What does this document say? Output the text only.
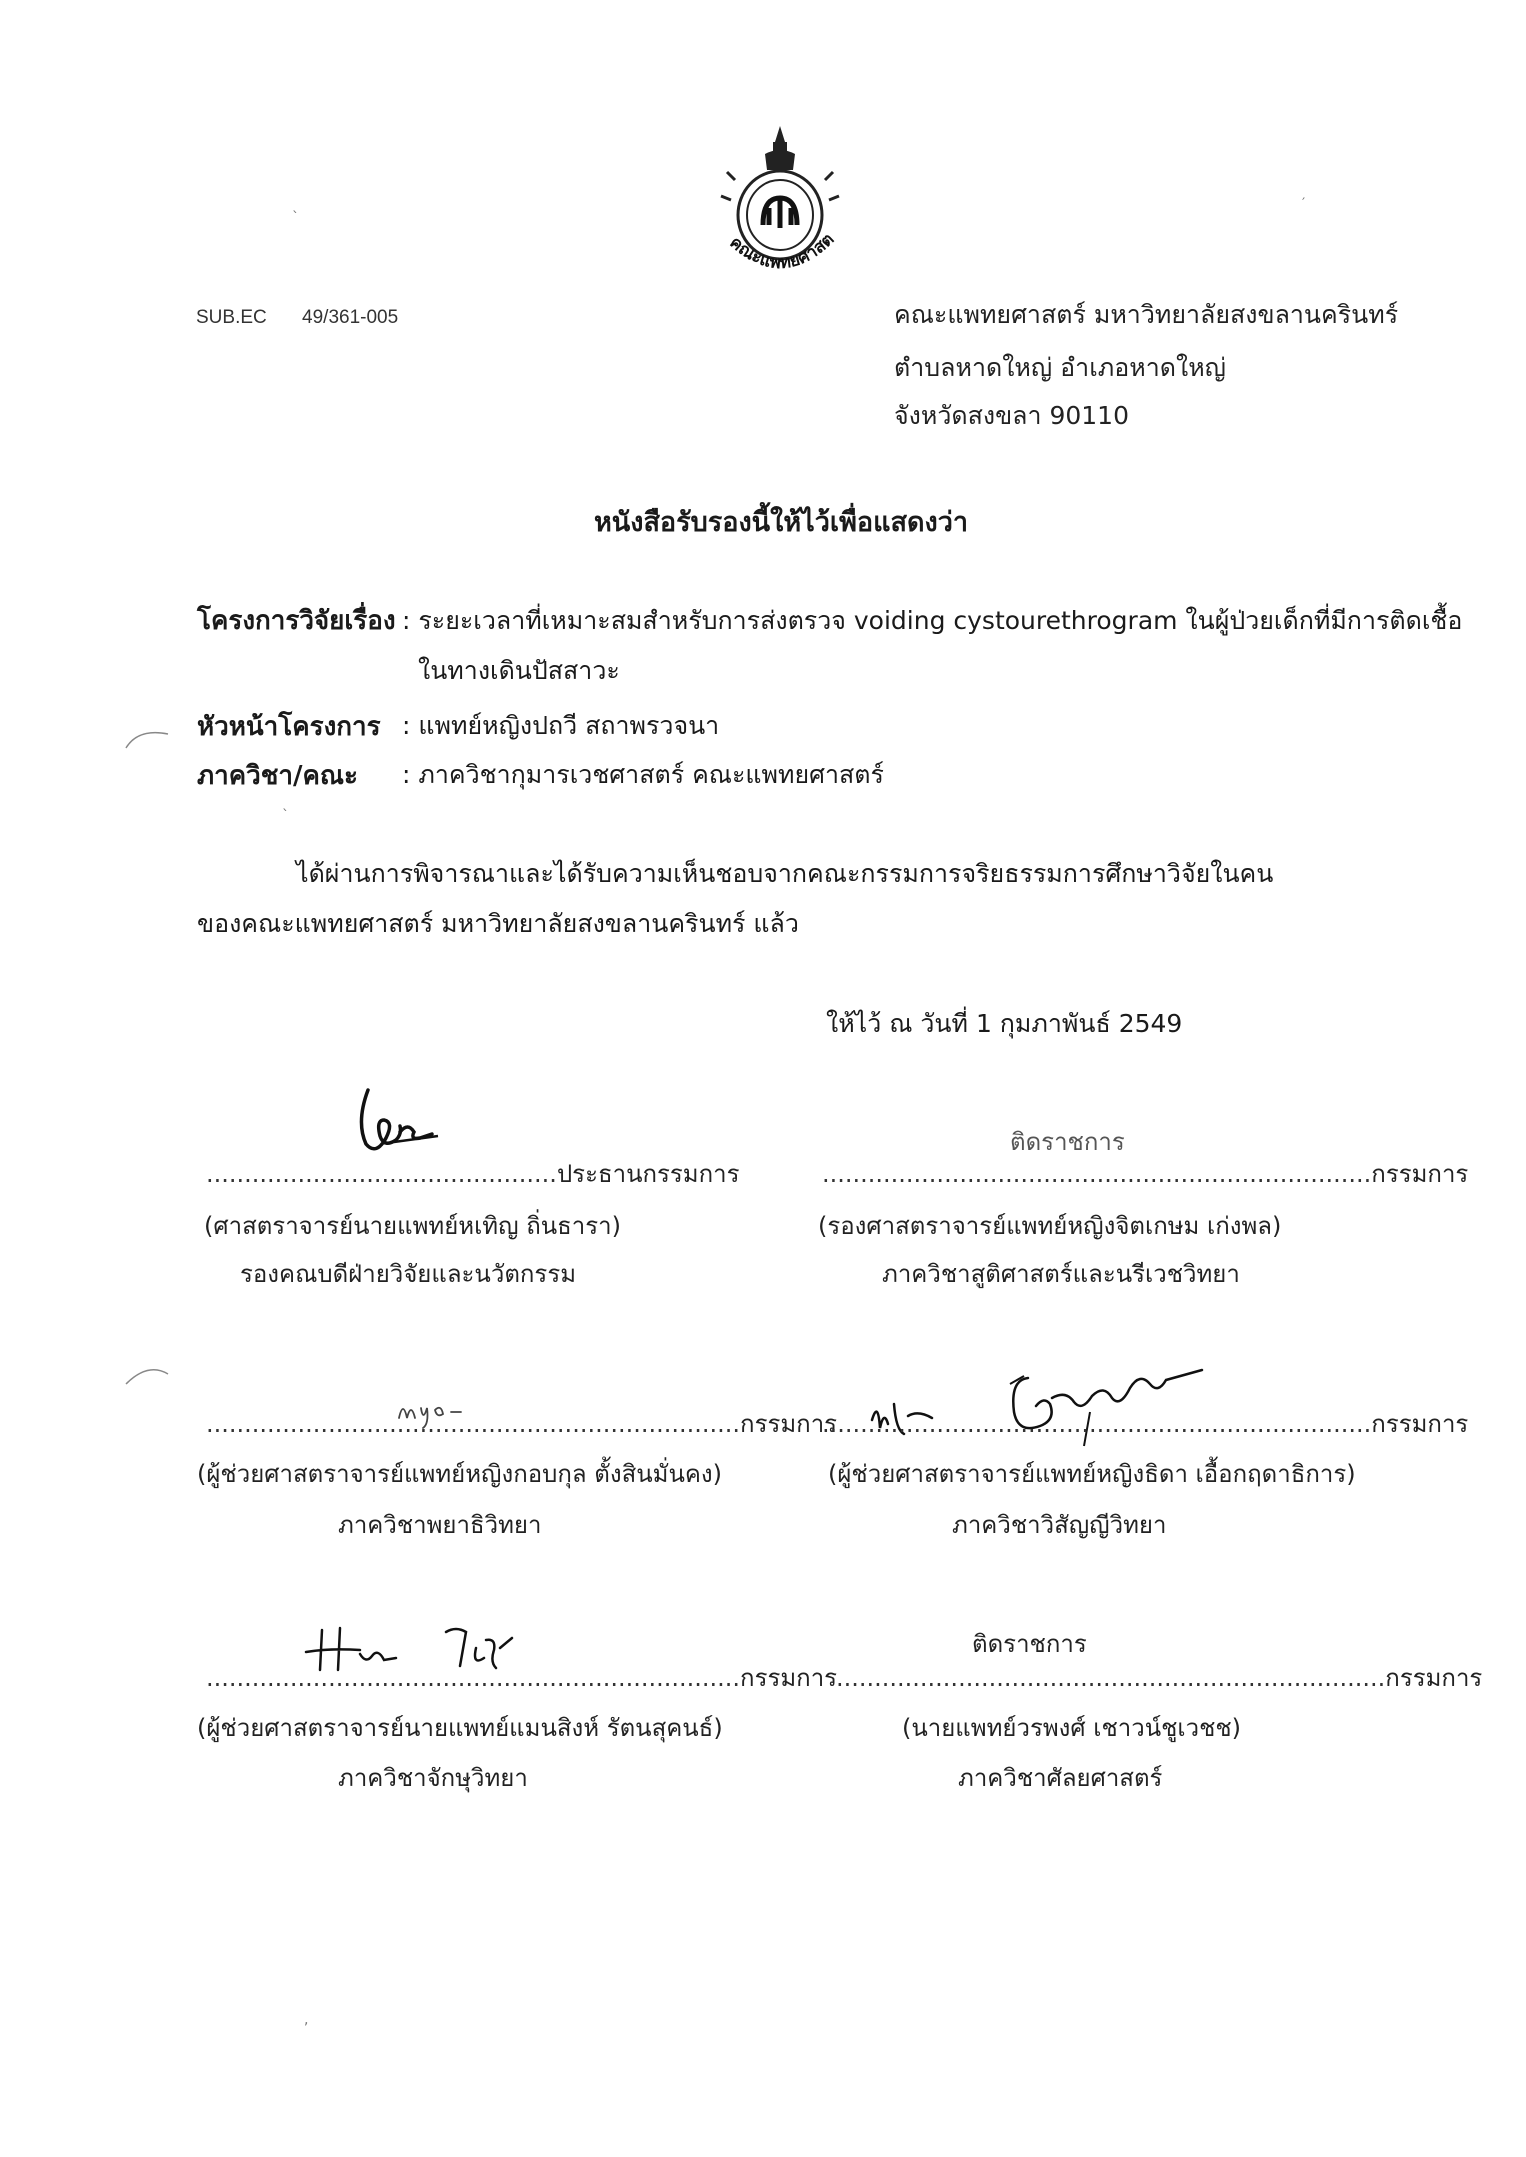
`
′
`
,
คณะแพทยศาสต
SUB.EC 49/361-005	คณะแพทยศาสตร์ มหาวิทยาลัยสงขลานครินทร์
ตำบลหาดใหญ่ อำเภอหาดใหญ่
จังหวัดสงขลา 90110
หนังสือรับรองนี้ให้ไว้เพื่อแสดงว่า
โครงการวิจัยเรื่อง : ระยะเวลาที่เหมาะสมสำหรับการส่งตรวจ voiding cystourethrogram ในผู้ป่วยเด็กที่มีการติดเชื้อ
ในทางเดินปัสสาวะ
หัวหน้าโครงการ : แพทย์หญิงปถวี สถาพรวจนา
ภาควิชา/คณะ : ภาควิชากุมารเวชศาสตร์ คณะแพทยศาสตร์
ได้ผ่านการพิจารณาและได้รับความเห็นชอบจากคณะกรรมการจริยธรรมการศึกษาวิจัยในคน
ของคณะแพทยศาสตร์ มหาวิทยาลัยสงขลานครินทร์ แล้ว
ให้ไว้ ณ วันที่ 1 กุมภาพันธ์ 2549
..............................................ประธานกรรมการ
(ศาสตราจารย์นายแพทย์หเทิญ ถิ่นธารา)
รองคณบดีฝ่ายวิจัยและนวัตกรรม
ติดราชการ
........................................................................กรรมการ
(รองศาสตราจารย์แพทย์หญิงจิตเกษม เก่งพล)
ภาควิชาสูติศาสตร์และนรีเวชวิทยา
......................................................................กรรมการ
(ผู้ช่วยศาสตราจารย์แพทย์หญิงกอบกุล ตั้งสินมั่นคง)
ภาควิชาพยาธิวิทยา
........................................................................กรรมการ
(ผู้ช่วยศาสตราจารย์แพทย์หญิงธิดา เอื้อกฤดาธิการ)
ภาควิชาวิสัญญีวิทยา
......................................................................กรรมการ
(ผู้ช่วยศาสตราจารย์นายแพทย์แมนสิงห์ รัตนสุคนธ์)
ภาควิชาจักษุวิทยา
ติดราชการ
........................................................................กรรมการ
(นายแพทย์วรพงศ์ เชาวน์ชูเวชช)
ภาควิชาศัลยศาสตร์
